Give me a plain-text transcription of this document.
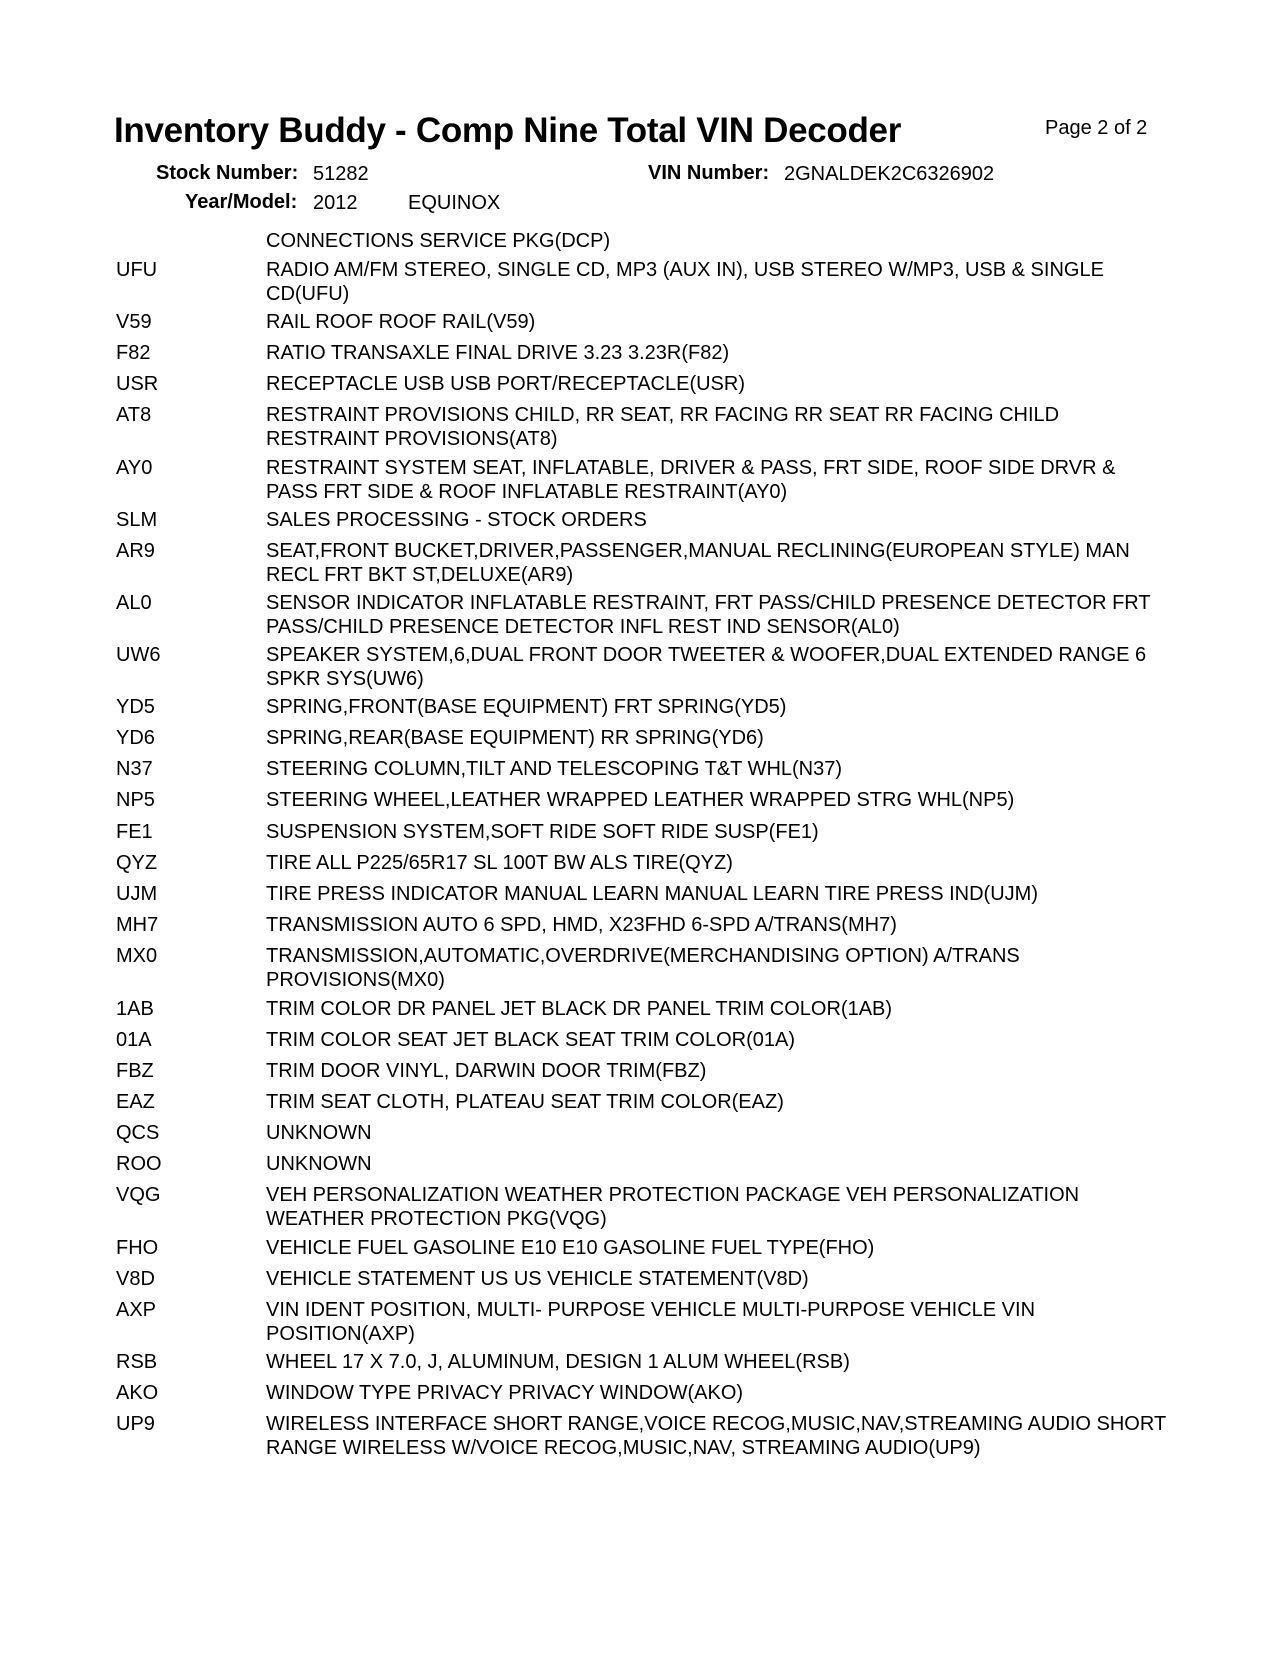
Inventory Buddy - Comp Nine Total VIN Decoder	Page 2 of 2
Stock Number: 51282	VIN Number: 2GNALDEK2C6326902
Year/Model: 2012	EQUINOX
CONNECTIONS SERVICE PKG(DCP)
UFU	RADIO AM/FM STEREO, SINGLE CD, MP3 (AUX IN), USB STEREO W/MP3, USB & SINGLE CD(UFU)
V59	RAIL ROOF ROOF RAIL(V59)
F82	RATIO TRANSAXLE FINAL DRIVE 3.23 3.23R(F82)
USR	RECEPTACLE USB USB PORT/RECEPTACLE(USR)
AT8	RESTRAINT PROVISIONS CHILD, RR SEAT, RR FACING RR SEAT RR FACING CHILD RESTRAINT PROVISIONS(AT8)
AY0	RESTRAINT SYSTEM SEAT, INFLATABLE, DRIVER & PASS, FRT SIDE, ROOF SIDE DRVR & PASS FRT SIDE & ROOF INFLATABLE RESTRAINT(AY0)
SLM	SALES PROCESSING - STOCK ORDERS
AR9	SEAT,FRONT BUCKET,DRIVER,PASSENGER,MANUAL RECLINING(EUROPEAN STYLE) MAN RECL FRT BKT ST,DELUXE(AR9)
AL0	SENSOR INDICATOR INFLATABLE RESTRAINT, FRT PASS/CHILD PRESENCE DETECTOR FRT PASS/CHILD PRESENCE DETECTOR INFL REST IND SENSOR(AL0)
UW6	SPEAKER SYSTEM,6,DUAL FRONT DOOR TWEETER & WOOFER,DUAL EXTENDED RANGE 6 SPKR SYS(UW6)
YD5	SPRING,FRONT(BASE EQUIPMENT) FRT SPRING(YD5)
YD6	SPRING,REAR(BASE EQUIPMENT) RR SPRING(YD6)
N37	STEERING COLUMN,TILT AND TELESCOPING T&T WHL(N37)
NP5	STEERING WHEEL,LEATHER WRAPPED LEATHER WRAPPED STRG WHL(NP5)
FE1	SUSPENSION SYSTEM,SOFT RIDE SOFT RIDE SUSP(FE1)
QYZ	TIRE ALL P225/65R17 SL 100T BW ALS TIRE(QYZ)
UJM	TIRE PRESS INDICATOR MANUAL LEARN MANUAL LEARN TIRE PRESS IND(UJM)
MH7	TRANSMISSION AUTO 6 SPD, HMD, X23FHD 6-SPD A/TRANS(MH7)
MX0	TRANSMISSION,AUTOMATIC,OVERDRIVE(MERCHANDISING OPTION) A/TRANS PROVISIONS(MX0)
1AB	TRIM COLOR DR PANEL JET BLACK DR PANEL TRIM COLOR(1AB)
01A	TRIM COLOR SEAT JET BLACK SEAT TRIM COLOR(01A)
FBZ	TRIM DOOR VINYL, DARWIN DOOR TRIM(FBZ)
EAZ	TRIM SEAT CLOTH, PLATEAU SEAT TRIM COLOR(EAZ)
QCS	UNKNOWN
ROO	UNKNOWN
VQG	VEH PERSONALIZATION WEATHER PROTECTION PACKAGE VEH PERSONALIZATION WEATHER PROTECTION PKG(VQG)
FHO	VEHICLE FUEL GASOLINE E10 E10 GASOLINE FUEL TYPE(FHO)
V8D	VEHICLE STATEMENT US US VEHICLE STATEMENT(V8D)
AXP	VIN IDENT POSITION, MULTI- PURPOSE VEHICLE MULTI-PURPOSE VEHICLE VIN POSITION(AXP)
RSB	WHEEL 17 X 7.0, J, ALUMINUM, DESIGN 1 ALUM WHEEL(RSB)
AKO	WINDOW TYPE PRIVACY PRIVACY WINDOW(AKO)
UP9	WIRELESS INTERFACE SHORT RANGE,VOICE RECOG,MUSIC,NAV,STREAMING AUDIO SHORT RANGE WIRELESS W/VOICE RECOG,MUSIC,NAV, STREAMING AUDIO(UP9)
